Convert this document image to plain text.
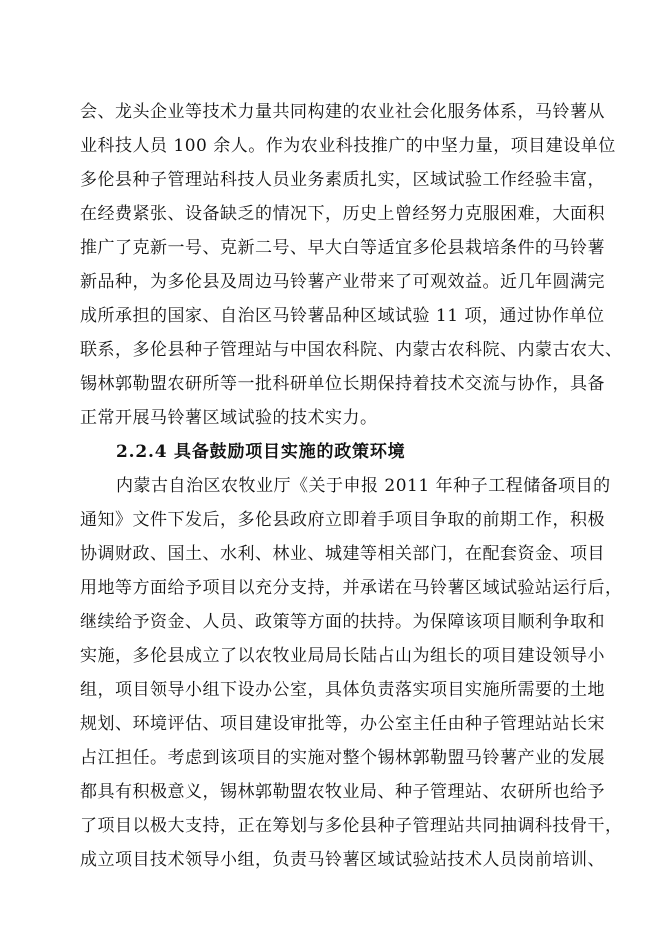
会、龙头企业等技术力量共同构建的农业社会化服务体系，马铃薯从
业科技人员 100 余人。作为农业科技推广的中坚力量，项目建设单位
多伦县种子管理站科技人员业务素质扎实，区域试验工作经验丰富，
在经费紧张、设备缺乏的情况下，历史上曾经努力克服困难，大面积
推广了克新一号、克新二号、早大白等适宜多伦县栽培条件的马铃薯
新品种，为多伦县及周边马铃薯产业带来了可观效益。近几年圆满完
成所承担的国家、自治区马铃薯品种区域试验 11 项，通过协作单位
联系，多伦县种子管理站与中国农科院、内蒙古农科院、内蒙古农大、
锡林郭勒盟农研所等一批科研单位长期保持着技术交流与协作，具备
正常开展马铃薯区域试验的技术实力。
2.2.4 具备鼓励项目实施的政策环境
内蒙古自治区农牧业厅《关于申报 2011 年种子工程储备项目的
通知》文件下发后，多伦县政府立即着手项目争取的前期工作，积极
协调财政、国土、水利、林业、城建等相关部门，在配套资金、项目
用地等方面给予项目以充分支持，并承诺在马铃薯区域试验站运行后，
继续给予资金、人员、政策等方面的扶持。为保障该项目顺利争取和
实施，多伦县成立了以农牧业局局长陆占山为组长的项目建设领导小
组，项目领导小组下设办公室，具体负责落实项目实施所需要的土地
规划、环境评估、项目建设审批等，办公室主任由种子管理站站长宋
占江担任。考虑到该项目的实施对整个锡林郭勒盟马铃薯产业的发展
都具有积极意义，锡林郭勒盟农牧业局、种子管理站、农研所也给予
了项目以极大支持，正在筹划与多伦县种子管理站共同抽调科技骨干，
成立项目技术领导小组，负责马铃薯区域试验站技术人员岗前培训、
